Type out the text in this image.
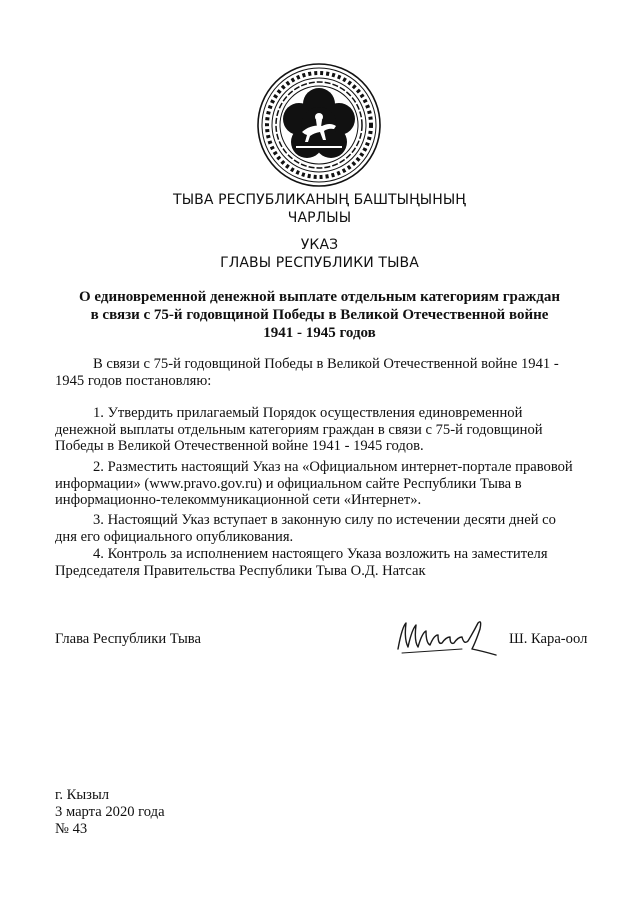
ТЫВА РЕСПУБЛИКАНЫҢ БАШТЫҢЫНЫҢ
ЧАРЛЫЫ
УКАЗ
ГЛАВЫ РЕСПУБЛИКИ ТЫВА
О единовременной денежной выплате отдельным категориям граждан
в связи с 75-й годовщиной Победы в Великой Отечественной войне
1941 - 1945 годов

В связи с 75-й годовщиной Победы в Великой Отечественной войне 1941 -

1945 годов постановляю:

1. Утвердить прилагаемый Порядок осуществления единовременной

денежной выплаты отдельным категориям граждан в связи с 75-й годовщиной

Победы в Великой Отечественной войне 1941 - 1945 годов.

2. Разместить настоящий Указ на «Официальном интернет-портале правовой

информации» (www.pravo.gov.ru) и официальном сайте Республики Тыва в

информационно-телекоммуникационной сети «Интернет».

3. Настоящий Указ вступает в законную силу по истечении десяти дней со

дня его официального опубликования.

4. Контроль за исполнением настоящего Указа возложить на заместителя

Председателя Правительства Республики Тыва О.Д. Натсак

Глава Республики Тыва	Ш. Кара-оол
г. Кызыл
3 марта 2020 года
№ 43
